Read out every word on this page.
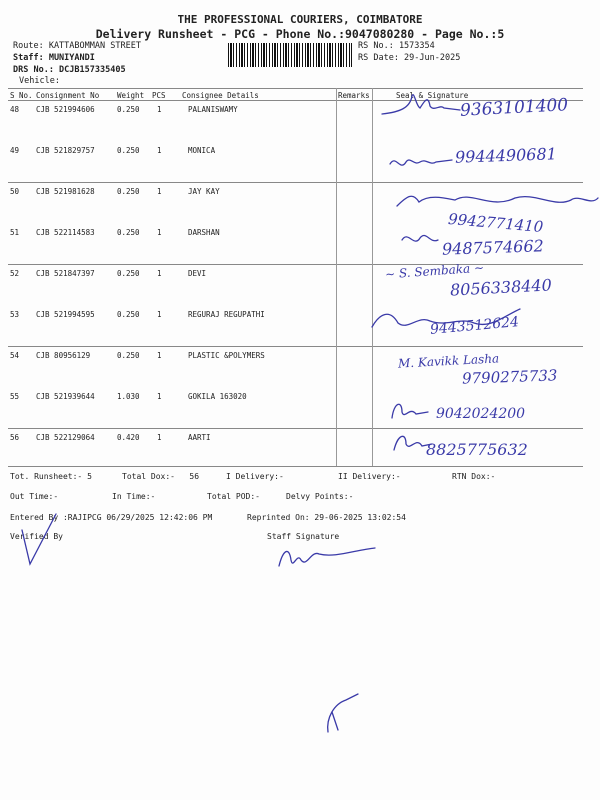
THE PROFESSIONAL COURIERS, COIMBATORE
Delivery Runsheet - PCG - Phone No.:9047080280 - Page No.:5
Route: KATTABOMMAN STREET
Staff: MUNIYANDI
DRS No.: DCJB157335405
Vehicle:
RS No.: 1573354
RS Date: 29-Jun-2025
S No. Consignment No Weight PCS Consignee Details	Remarks	Seal & Signature
48 CJB 521994606	0.250 1	PALANISWAMY
49 CJB 521829757	0.250 1	MONICA
50 CJB 521981628	0.250 1	JAY KAY
51 CJB 522114583	0.250 1	DARSHAN
52 CJB 521847397	0.250 1	DEVI
53 CJB 521994595	0.250 1	REGURAJ REGUPATHI
54 CJB 80956129	0.250 1	PLASTIC &POLYMERS
55 CJB 521939644	1.030 1	GOKILA 163020
56 CJB 522129064	0.420 1	AARTI
9363101400
9944490681
9942771410
9487574662
~ S. Sembaka ~
8056338440
9443512624
M. Kavikk Lasha
9790275733
9042024200
8825775632
Tot. Runsheet:- 5	Total Dox:-   56	I Delivery:-	II Delivery:-	RTN Dox:-
Out Time:-	In Time:-	Total POD:-	Delvy Points:-
Entered By :RAJIPCG 06/29/2025 12:42:06 PM	Reprinted On: 29-06-2025 13:02:54
Verified By	Staff Signature
